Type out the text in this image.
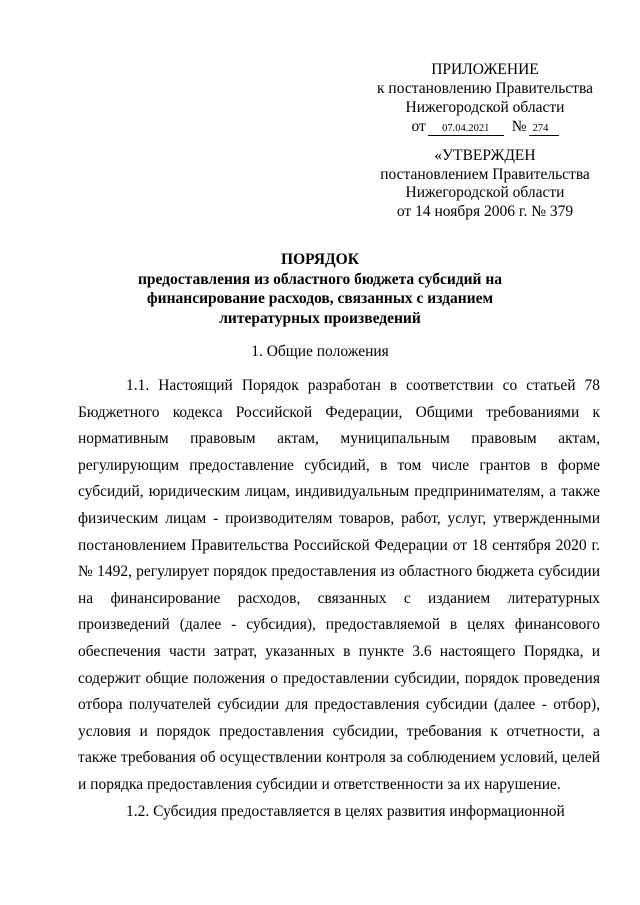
ПРИЛОЖЕНИЕ
к постановлению Правительства
Нижегородской области
от	07.04.2021	№ 274
«УТВЕРЖДЕН
постановлением Правительства
Нижегородской области
от 14 ноября 2006 г. № 379
ПОРЯДОК
предоставления из областного бюджета субсидий на
финансирование расходов, связанных с изданием
литературных произведений
1. Общие положения

1.1. Настоящий Порядок разработан в соответствии со статьей 78 Бюджетного кодекса Российской Федерации, Общими требованиями к нормативным правовым актам, муниципальным правовым актам, регулирующим предоставление субсидий, в том числе грантов в форме субсидий, юридическим лицам, индивидуальным предпринимателям, а также физическим лицам - производителям товаров, работ, услуг, утвержденными постановлением Правительства Российской Федерации от 18 сентября 2020 г. № 1492, регулирует порядок предоставления из областного бюджета субсидии на финансирование расходов, связанных с изданием литературных произведений (далее - субсидия), предоставляемой в целях финансового обеспечения части затрат, указанных в пункте 3.6 настоящего Порядка, и содержит общие положения о предоставлении субсидии, порядок проведения отбора получателей субсидии для предоставления субсидии (далее - отбор), условия и порядок предоставления субсидии, требования к отчетности, а также требования об осуществлении контроля за соблюдением условий, целей и порядка предоставления субсидии и ответственности за их нарушение.

1.2. Субсидия предоставляется в целях развития информационной
